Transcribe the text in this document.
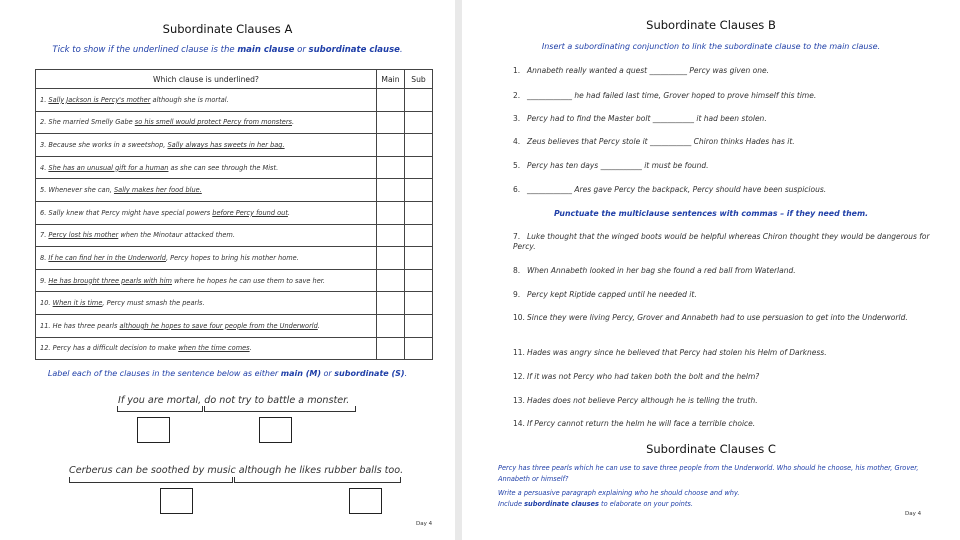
Subordinate Clauses A
Tick to show if the underlined clause is the main clause or subordinate clause.
Which clause is underlined?	Main	Sub
1. Sally Jackson is Percy's mother although she is mortal.		
2. She married Smelly Gabe so his smell would protect Percy from monsters.		
3. Because she works in a sweetshop, Sally always has sweets in her bag.		
4. She has an unusual gift for a human as she can see through the Mist.		
5. Whenever she can, Sally makes her food blue.		
6. Sally knew that Percy might have special powers before Percy found out.		
7. Percy lost his mother when the Minotaur attacked them.		
8. If he can find her in the Underworld, Percy hopes to bring his mother home.		
9. He has brought three pearls with him where he hopes he can use them to save her.		
10. When it is time, Percy must smash the pearls.		
11. He has three pearls although he hopes to save four people from the Underworld.		
12. Percy has a difficult decision to make when the time comes.		
Label each of the clauses in the sentence below as either main (M) or subordinate (S).
If you are mortal, do not try to battle a monster.
Cerberus can be soothed by music although he likes rubber balls too.
Day 4
Subordinate Clauses B
Insert a subordinating conjunction to link the subordinate clause to the main clause.
1. Annabeth really wanted a quest __________ Percy was given one.
2. ____________ he had failed last time, Grover hoped to prove himself this time.
3. Percy had to find the Master bolt ___________ it had been stolen.
4. Zeus believes that Percy stole it ___________ Chiron thinks Hades has it.
5. Percy has ten days ___________ it must be found.
6. ____________ Ares gave Percy the backpack, Percy should have been suspicious.
7. Luke thought that the winged boots would be helpful whereas Chiron thought they would be dangerous for Percy.
8. When Annabeth looked in her bag she found a red ball from Waterland.
9. Percy kept Riptide capped until he needed it.
10. Since they were living Percy, Grover and Annabeth had to use persuasion to get into the Underworld.
11. Hades was angry since he believed that Percy had stolen his Helm of Darkness.
12. If it was not Percy who had taken both the bolt and the helm?
13. Hades does not believe Percy although he is telling the truth.
14. If Percy cannot return the helm he will face a terrible choice.
Punctuate the multiclause sentences with commas – if they need them.
Subordinate Clauses C
Percy has three pearls which he can use to save three people from the Underworld. Who should he choose, his mother, Grover, Annabeth or himself?
Write a persuasive paragraph explaining who he should choose and why.
Include subordinate clauses to elaborate on your points.
Day 4
